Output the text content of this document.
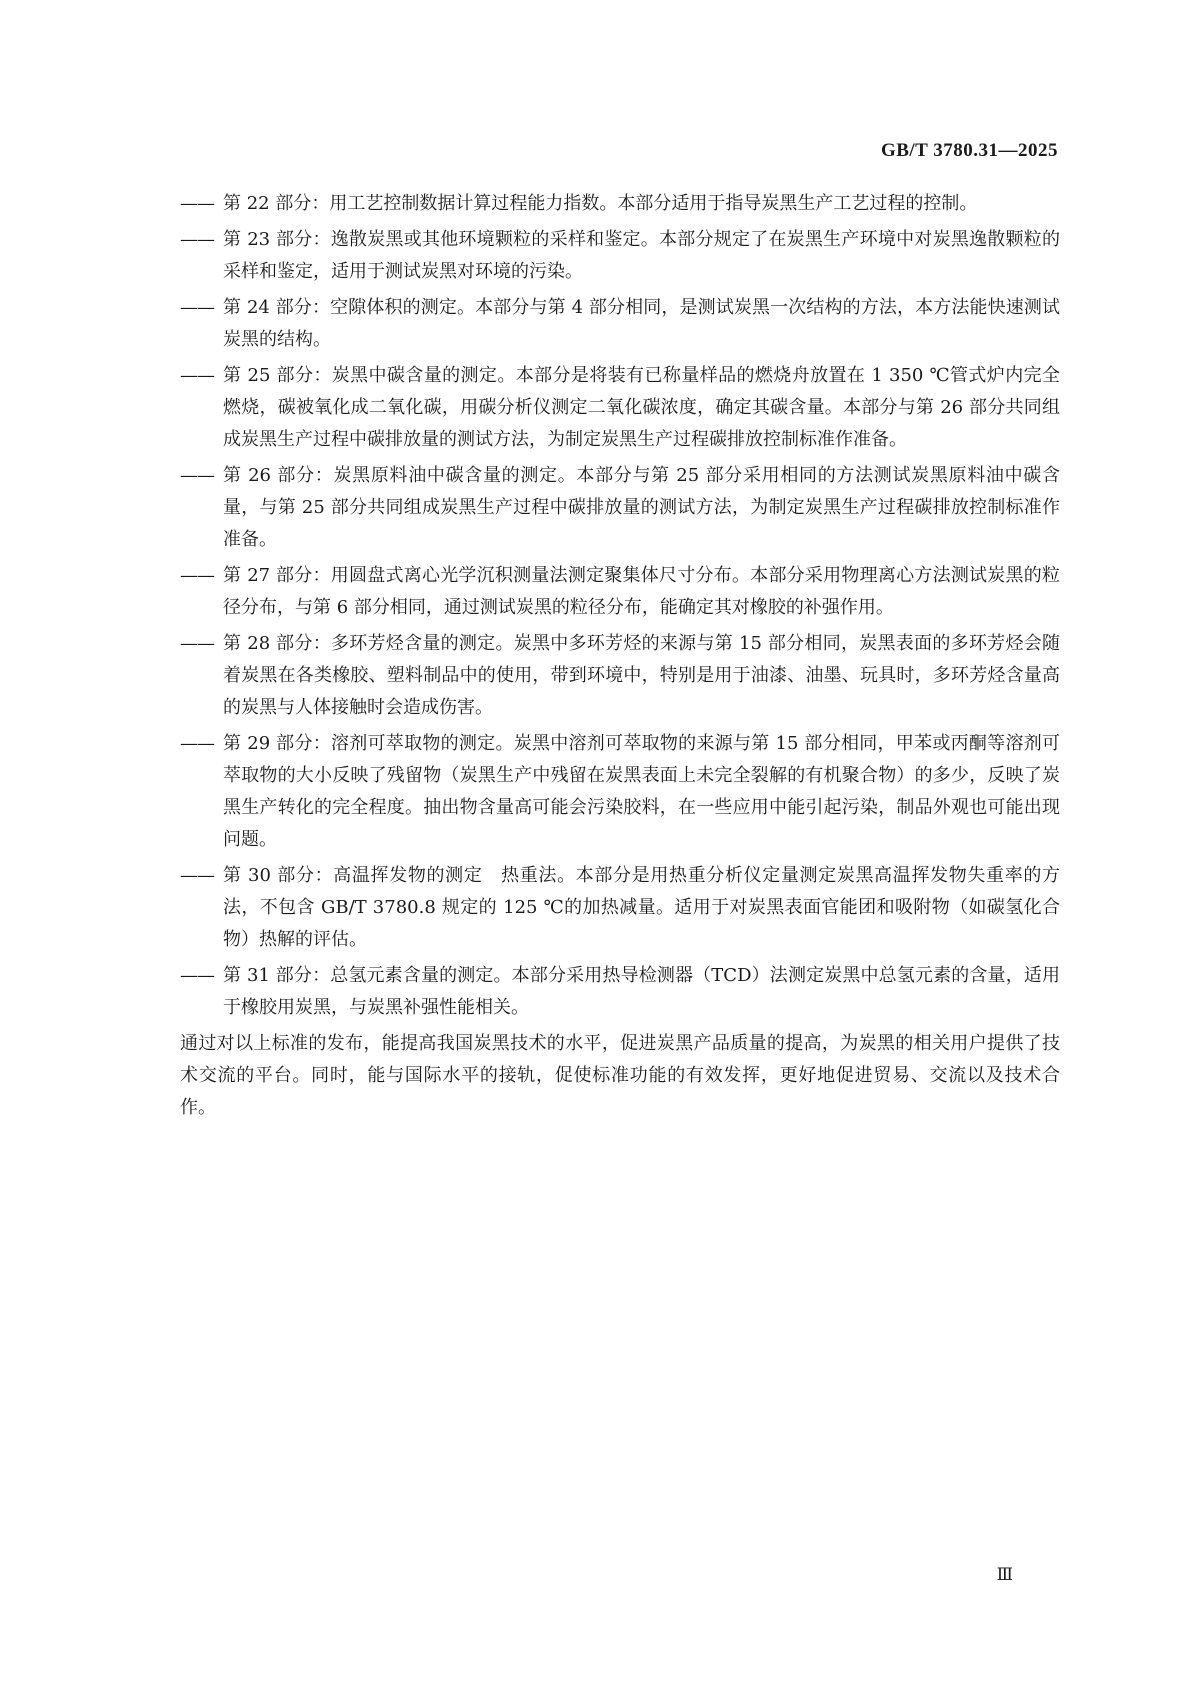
GB/T 3780.31—2025
—— 第 22 部分：用工艺控制数据计算过程能力指数。本部分适用于指导炭黑生产工艺过程的控制。
—— 第 23 部分：逸散炭黑或其他环境颗粒的采样和鉴定。本部分规定了在炭黑生产环境中对炭黑逸散颗粒的采样和鉴定，适用于测试炭黑对环境的污染。
—— 第 24 部分：空隙体积的测定。本部分与第 4 部分相同，是测试炭黑一次结构的方法，本方法能快速测试炭黑的结构。
—— 第 25 部分：炭黑中碳含量的测定。本部分是将装有已称量样品的燃烧舟放置在 1 350 ℃管式炉内完全燃烧，碳被氧化成二氧化碳，用碳分析仪测定二氧化碳浓度，确定其碳含量。本部分与第 26 部分共同组成炭黑生产过程中碳排放量的测试方法，为制定炭黑生产过程碳排放控制标准作准备。
—— 第 26 部分：炭黑原料油中碳含量的测定。本部分与第 25 部分采用相同的方法测试炭黑原料油中碳含量，与第 25 部分共同组成炭黑生产过程中碳排放量的测试方法，为制定炭黑生产过程碳排放控制标准作准备。
—— 第 27 部分：用圆盘式离心光学沉积测量法测定聚集体尺寸分布。本部分采用物理离心方法测试炭黑的粒径分布，与第 6 部分相同，通过测试炭黑的粒径分布，能确定其对橡胶的补强作用。
—— 第 28 部分：多环芳烃含量的测定。炭黑中多环芳烃的来源与第 15 部分相同，炭黑表面的多环芳烃会随着炭黑在各类橡胶、塑料制品中的使用，带到环境中，特别是用于油漆、油墨、玩具时，多环芳烃含量高的炭黑与人体接触时会造成伤害。
—— 第 29 部分：溶剂可萃取物的测定。炭黑中溶剂可萃取物的来源与第 15 部分相同，甲苯或丙酮等溶剂可萃取物的大小反映了残留物（炭黑生产中残留在炭黑表面上未完全裂解的有机聚合物）的多少，反映了炭黑生产转化的完全程度。抽出物含量高可能会污染胶料，在一些应用中能引起污染，制品外观也可能出现问题。
—— 第 30 部分：高温挥发物的测定　热重法。本部分是用热重分析仪定量测定炭黑高温挥发物失重率的方法，不包含 GB/T 3780.8 规定的 125 ℃的加热减量。适用于对炭黑表面官能团和吸附物（如碳氢化合物）热解的评估。
—— 第 31 部分：总氢元素含量的测定。本部分采用热导检测器（TCD）法测定炭黑中总氢元素的含量，适用于橡胶用炭黑，与炭黑补强性能相关。
通过对以上标准的发布，能提高我国炭黑技术的水平，促进炭黑产品质量的提高，为炭黑的相关用户提供了技术交流的平台。同时，能与国际水平的接轨，促使标准功能的有效发挥，更好地促进贸易、交流以及技术合作。
Ⅲ
